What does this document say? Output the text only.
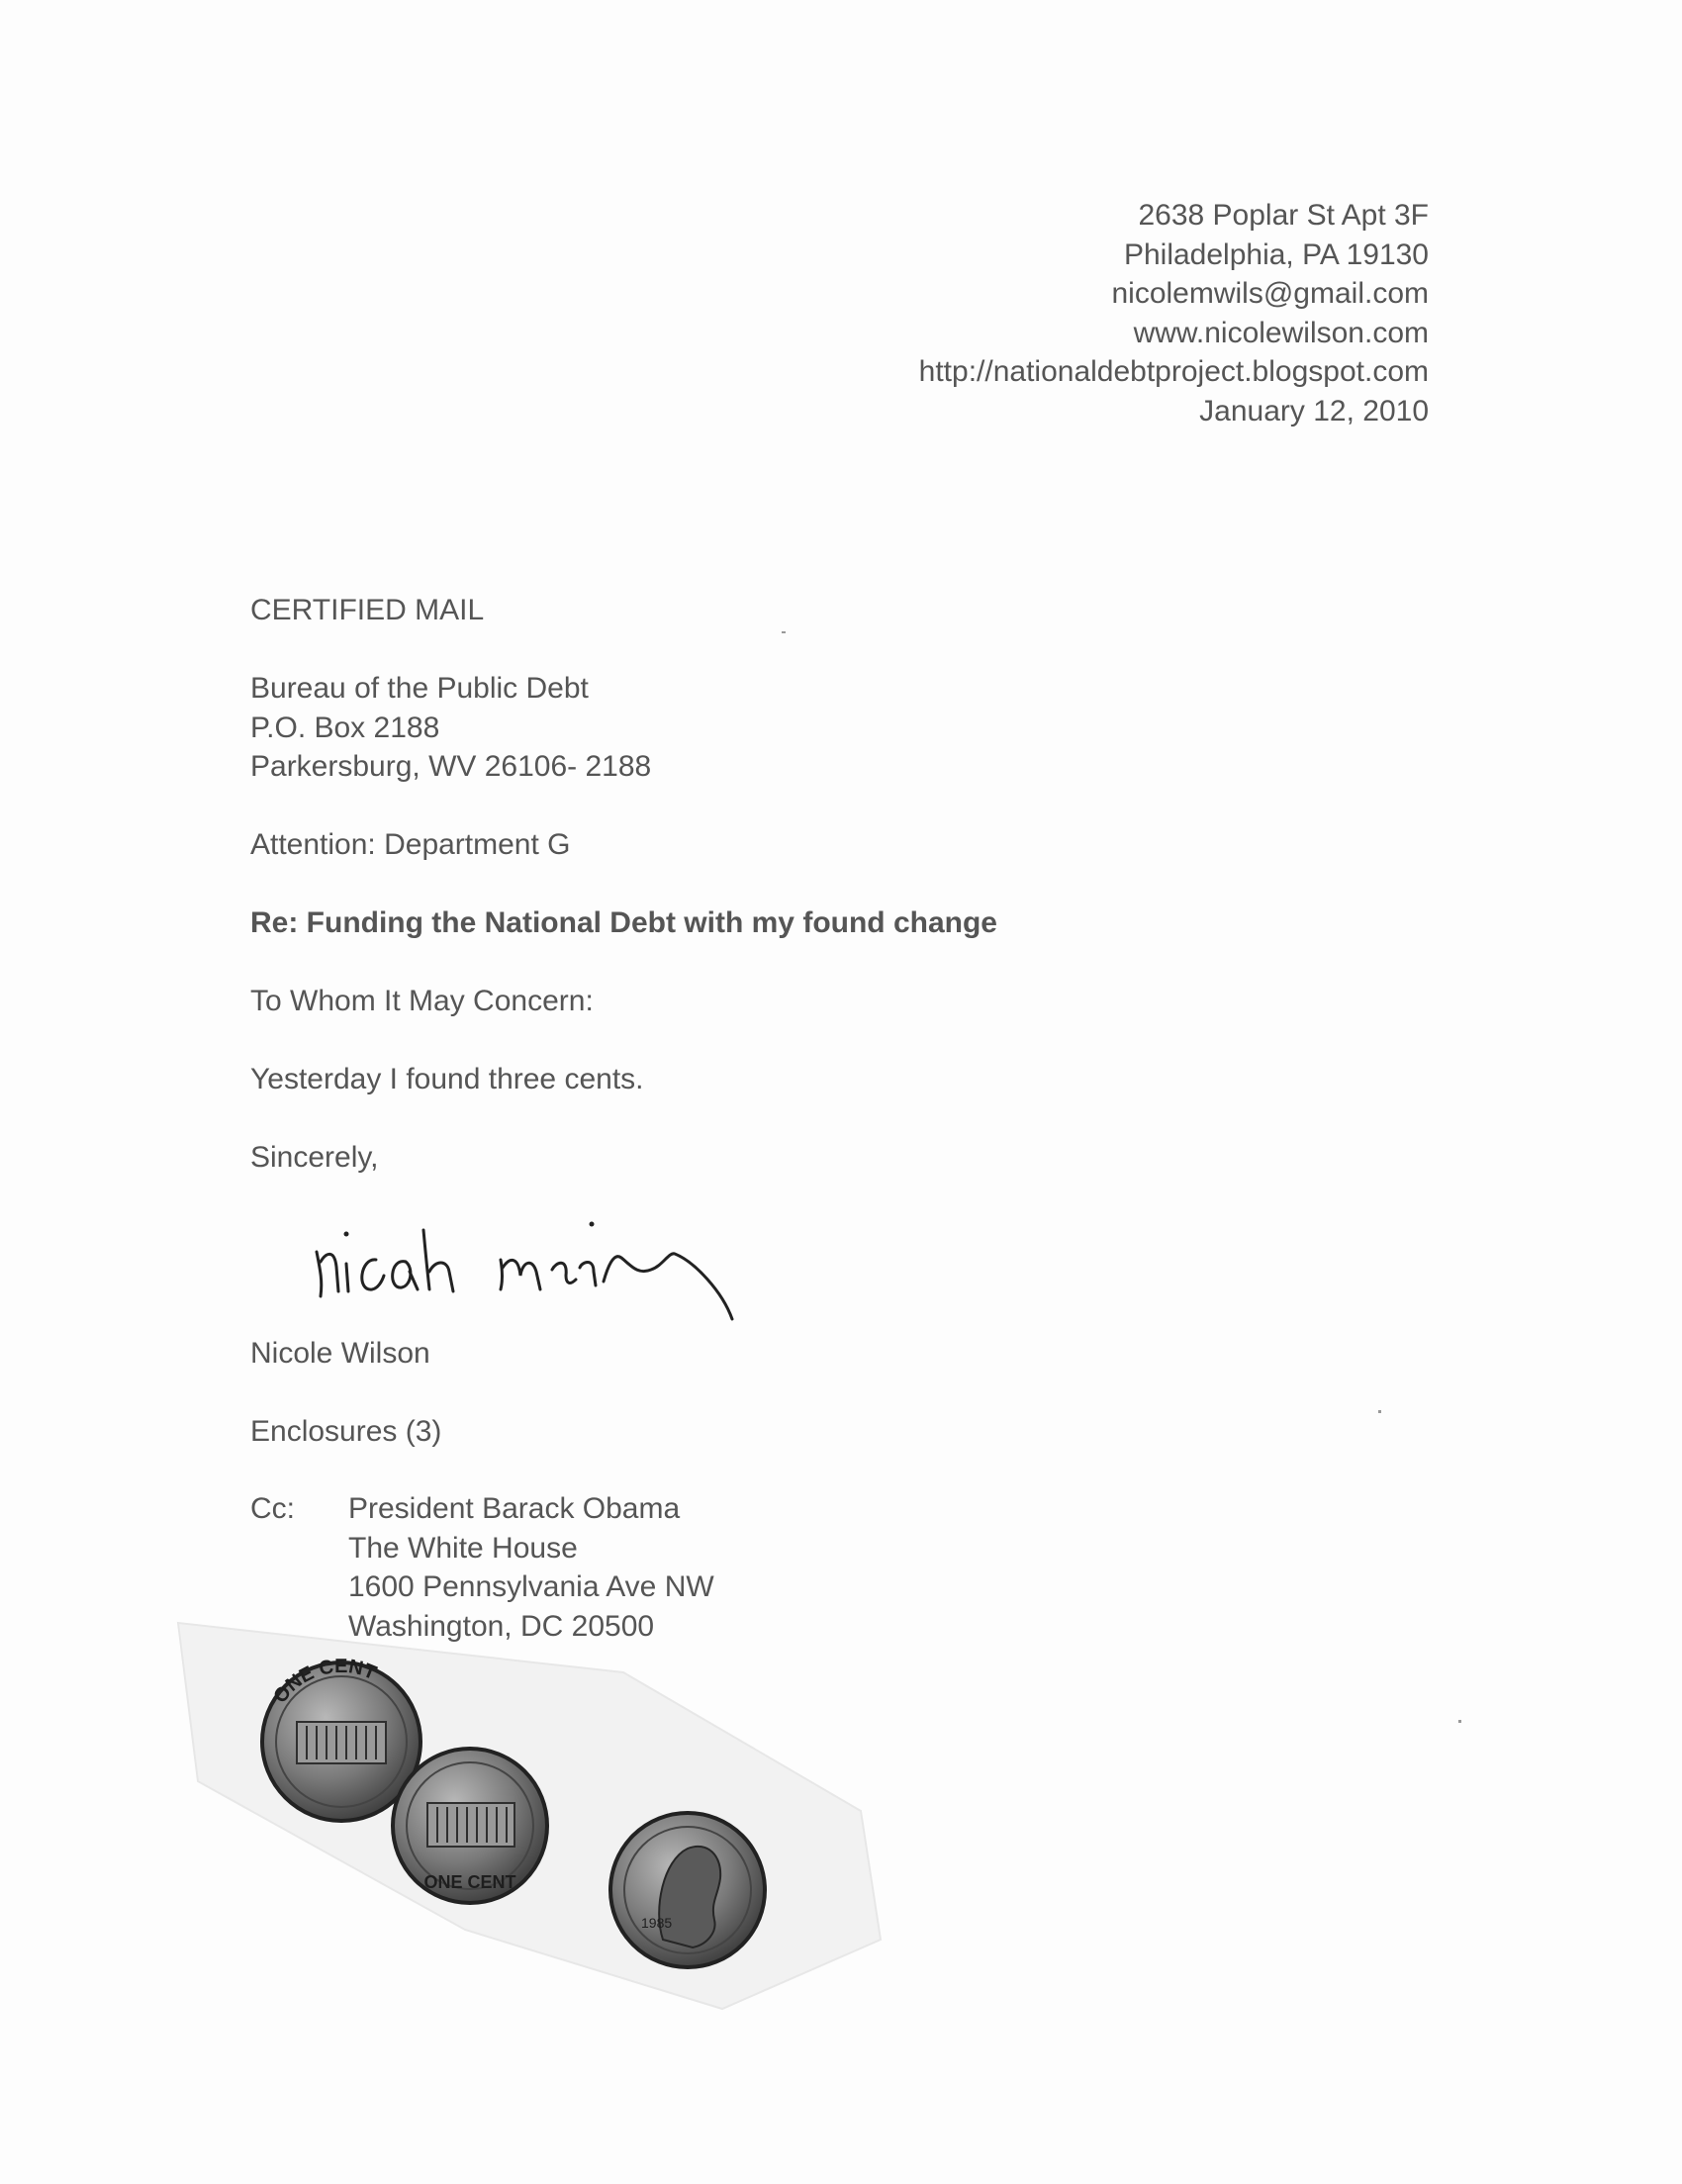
2638 Poplar St Apt 3F
Philadelphia, PA 19130
nicolemwils@gmail.com
www.nicolewilson.com
http://nationaldebtproject.blogspot.com
January 12, 2010
CERTIFIED MAIL
Bureau of the Public Debt
P.O. Box 2188
Parkersburg, WV 26106- 2188
Attention: Department G
Re: Funding the National Debt with my found change
To Whom It May Concern:
Yesterday I found three cents.
Sincerely,
Nicole Wilson
Enclosures (3)
Cc: President Barack Obama
The White House
1600 Pennsylvania Ave NW
Washington, DC 20500
ONE CENT
ONE CENT
1985
